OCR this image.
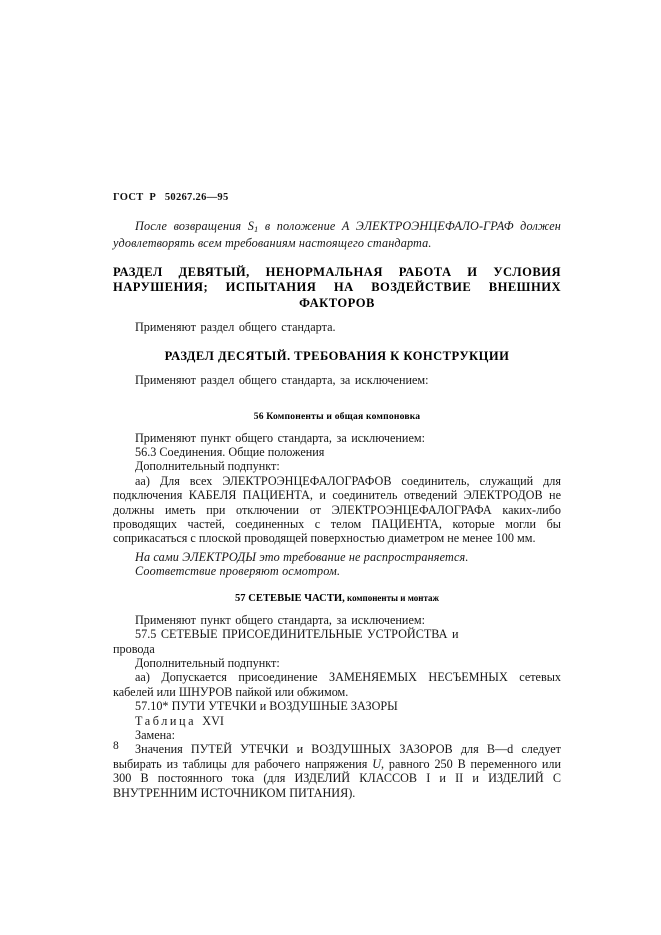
ГОСТ  Р   50267.26—95

После возвращения $S_1$ в положение A ЭЛЕКТРОЭНЦЕФАЛО-ГРАФ должен удовлетворять всем требованиям настоящего стандарта.

РАЗДЕЛ ДЕВЯТЫЙ, НЕНОРМАЛЬНАЯ РАБОТА И УСЛОВИЯ
НАРУШЕНИЯ; ИСПЫТАНИЯ НА ВОЗДЕЙСТВИЕ ВНЕШНИХ
ФАКТОРОВ

Применяют раздел общего стандарта.

РАЗДЕЛ ДЕСЯТЫЙ. ТРЕБОВАНИЯ К КОНСТРУКЦИИ

Применяют раздел общего стандарта, за исключением:

56 Компоненты и общая компоновка

Применяют пункт общего стандарта, за исключением:

56.3 Соединения. Общие положения

Дополнительный подпункт:

aa) Для всех ЭЛЕКТРОЭНЦЕФАЛОГРАФОВ соединитель, служащий для подключения КАБЕЛЯ ПАЦИЕНТА, и соединитель отведений ЭЛЕКТРОДОВ не должны иметь при отключении от ЭЛЕКТРОЭНЦЕФАЛОГРАФА каких-либо проводящих частей, соединенных с телом ПАЦИЕНТА, которые могли бы соприкасаться с плоской проводящей поверхностью диаметром не менее 100 мм.

На сами ЭЛЕКТРОДЫ это требование не распространяется.

Соответствие проверяют осмотром.

57 СЕТЕВЫЕ ЧАСТИ, компоненты и монтаж

Применяют пункт общего стандарта, за исключением:

57.5 СЕТЕВЫЕ ПРИСОЕДИНИТЕЛЬНЫЕ УСТРОЙСТВА и

провода

Дополнительный подпункт:

aa) Допускается присоединение ЗАМЕНЯЕМЫХ НЕСЪЕМНЫХ сетевых кабелей или ШНУРОВ пайкой или обжимом.

57.10* ПУТИ УТЕЧКИ и ВОЗДУШНЫЕ ЗАЗОРЫ

Таблица XVI

Замена:

Значения ПУТЕЙ УТЕЧКИ и ВОЗДУШНЫХ ЗАЗОРОВ для B—d следует выбирать из таблицы для рабочего напряжения U, равного 250 В переменного или 300 В постоянного тока (для ИЗДЕЛИЙ КЛАССОВ I и II и ИЗДЕЛИЙ С ВНУТРЕННИМ ИСТОЧНИКОМ ПИТАНИЯ).

8
